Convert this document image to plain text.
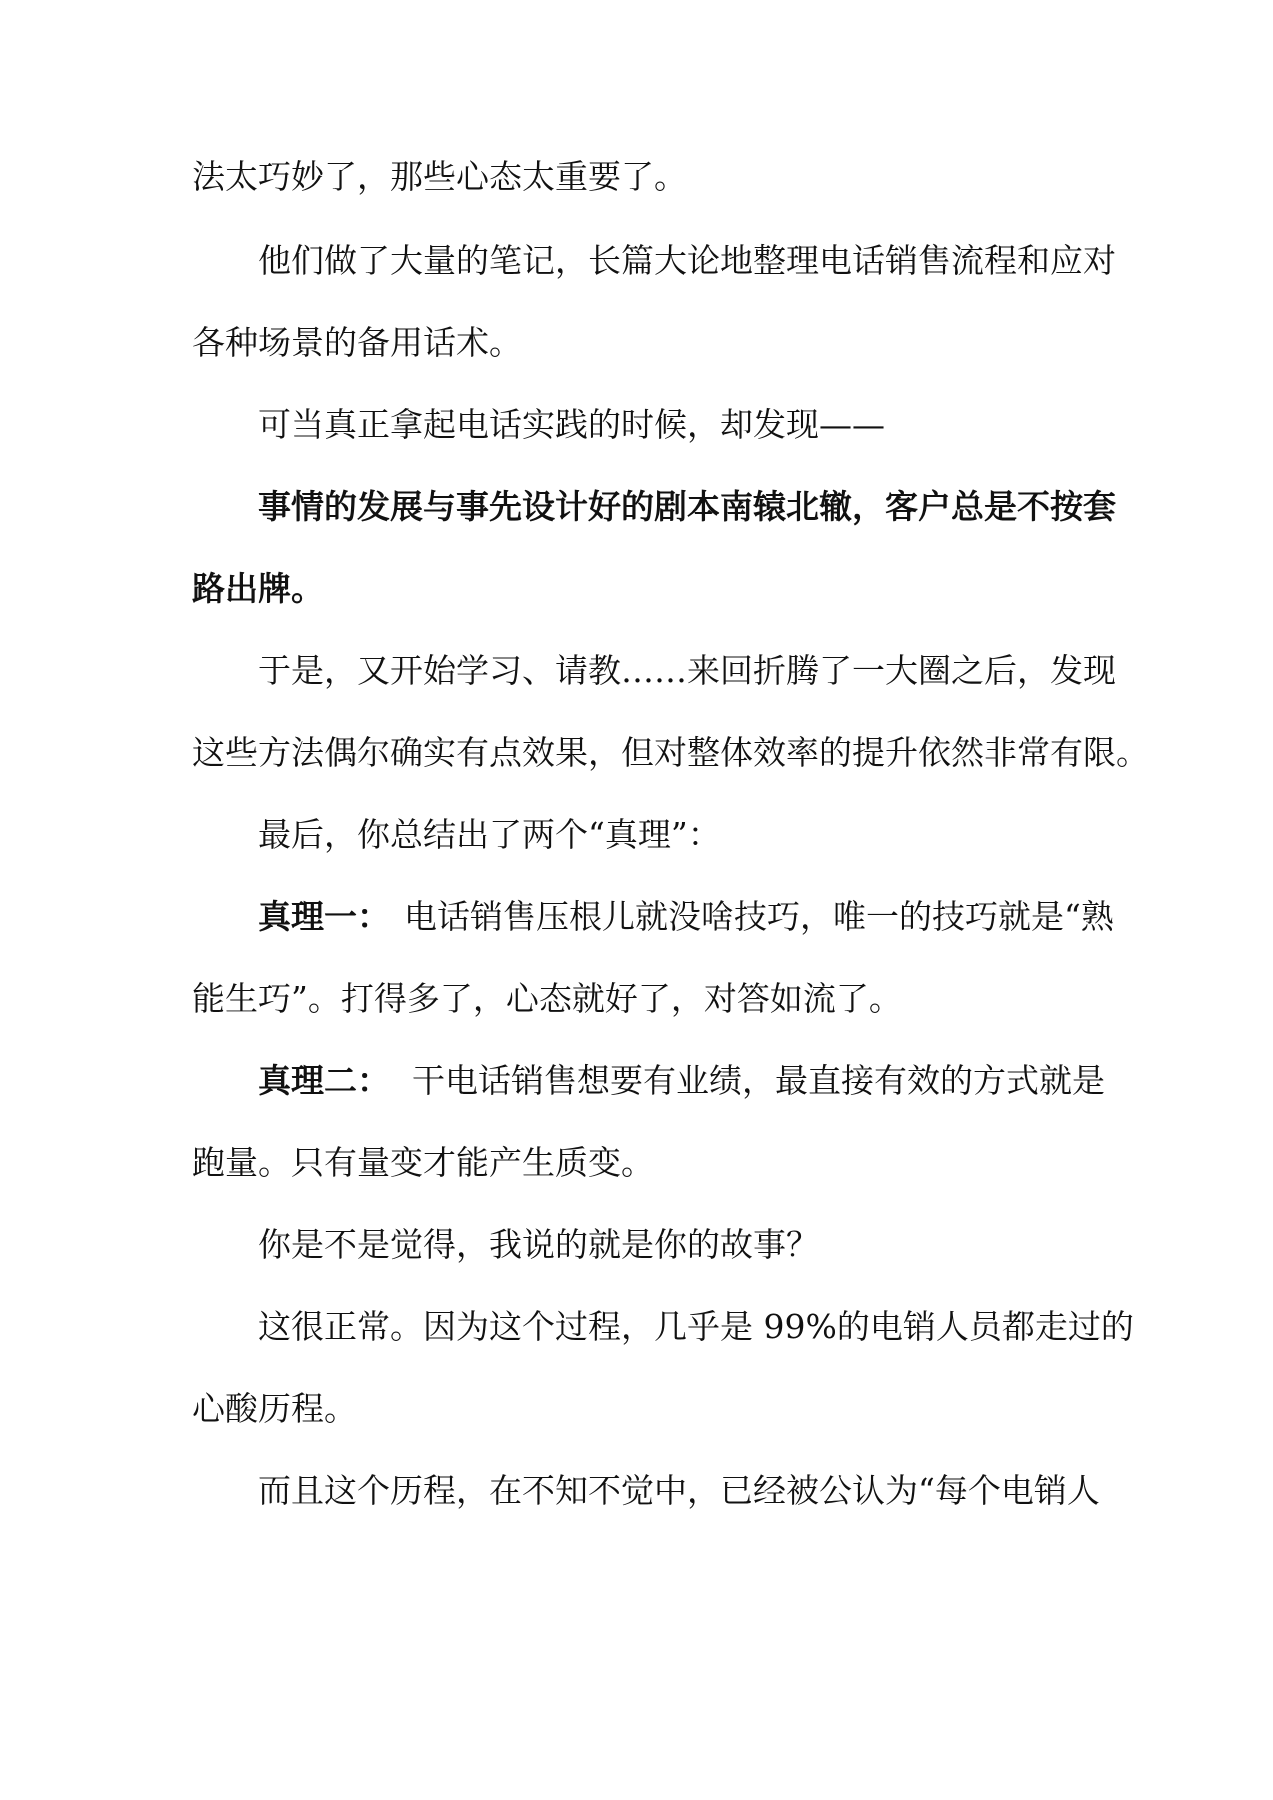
法太巧妙了，那些心态太重要了。
他们做了大量的笔记，长篇大论地整理电话销售流程和应对
各种场景的备用话术。
可当真正拿起电话实践的时候，却发现——
事情的发展与事先设计好的剧本南辕北辙，客户总是不按套
路出牌。
于是，又开始学习、请教……来回折腾了一大圈之后，发现
这些方法偶尔确实有点效果，但对整体效率的提升依然非常有限。
最后，你总结出了两个“真理”：
真理一： 电话销售压根儿就没啥技巧，唯一的技巧就是“熟
能生巧”。打得多了，心态就好了，对答如流了。
真理二： 干电话销售想要有业绩，最直接有效的方式就是
跑量。只有量变才能产生质变。
你是不是觉得，我说的就是你的故事？
这很正常。因为这个过程，几乎是 99%的电销人员都走过的
心酸历程。
而且这个历程，在不知不觉中，已经被公认为“每个电销人
